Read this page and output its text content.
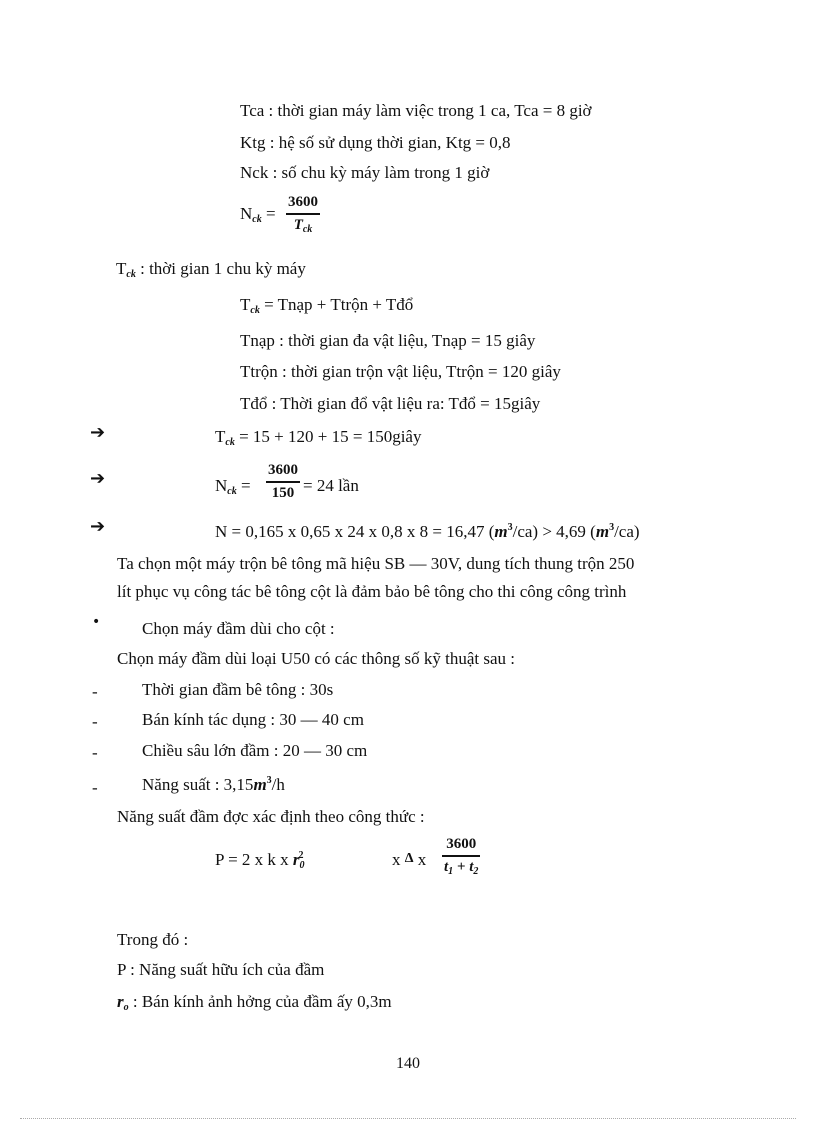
Tca : thời gian máy làm việc trong 1 ca, Tca = 8 giờ
Ktg : hệ số sử dụng thời gian, Ktg = 0,8
Nck : số chu kỳ máy làm trong 1 giờ
Nck =
3600
$T_{ck}$
Tck : thời gian 1 chu kỳ máy
Tck = Tnạp + Ttrộn + Tđổ
Tnạp : thời gian đa vật liệu, Tnạp = 15 giây
Ttrộn : thời gian trộn vật liệu, Ttrộn = 120 giây
Tđổ : Thời gian đổ vật liệu ra: Tđổ = 15giây
➔	Tck = 15 + 120 + 15 = 150giây
➔	Nck =
3600
150 = 24 lần
➔	N = 0,165 x 0,65 x 24 x 0,8 x 8 = 16,47 $(m^3/ca) > 4,69$ $(m^3/ca)$
Ta chọn một máy trộn bê tông mã hiệu SB — 30V, dung tích thung trộn 250
lít phục vụ công tác bê tông cột là đảm bảo bê tông cho thi công công trình
• Chọn máy đầm dùi cho cột :
Chọn máy đầm dùi loại U50 có các thông số kỹ thuật sau :
-	Thời gian đầm bê tông : 30s
-	Bán kính tác dụng : 30 — 40 cm
-	Chiều sâu lớn đầm : 20 — 30 cm
-	Năng suất : $3,15m^3/h$
Năng suất đầm đợc xác định theo công thức :
P = 2 x k x $r0^2$	x Δ x
3600
$t_1 + t_2$
Trong đó :
P : Năng suất hữu ích của đầm
ro : Bán kính ảnh hởng của đầm ấy 0,3m
140
